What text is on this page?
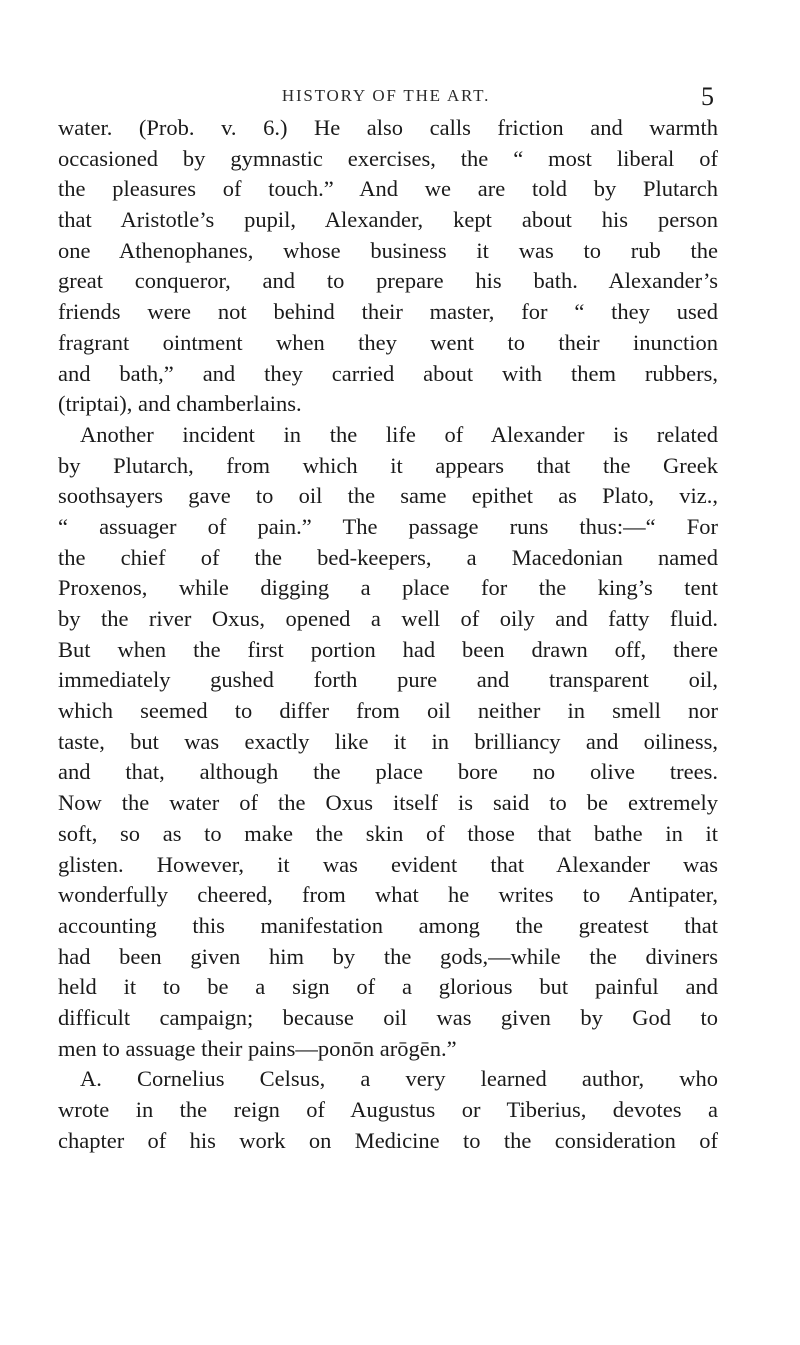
HISTORY OF THE ART.	5
water. (Prob. v. 6.) He also calls friction and warmth
occasioned by gymnastic exercises, the “ most liberal of
the pleasures of touch.” And we are told by Plutarch
that Aristotle’s pupil, Alexander, kept about his person
one Athenophanes, whose business it was to rub the
great conqueror, and to prepare his bath. Alexander’s
friends were not behind their master, for “ they used
fragrant ointment when they went to their inunction
and bath,” and they carried about with them rubbers,
(triptai), and chamberlains.
Another incident in the life of Alexander is related
by Plutarch, from which it appears that the Greek
soothsayers gave to oil the same epithet as Plato, viz.,
“ assuager of pain.” The passage runs thus:—“ For
the chief of the bed-keepers, a Macedonian named
Proxenos, while digging a place for the king’s tent
by the river Oxus, opened a well of oily and fatty fluid.
But when the first portion had been drawn off, there
immediately gushed forth pure and transparent oil,
which seemed to differ from oil neither in smell nor
taste, but was exactly like it in brilliancy and oiliness,
and that, although the place bore no olive trees.
Now the water of the Oxus itself is said to be extremely
soft, so as to make the skin of those that bathe in it
glisten. However, it was evident that Alexander was
wonderfully cheered, from what he writes to Antipater,
accounting this manifestation among the greatest that
had been given him by the gods,—while the diviners
held it to be a sign of a glorious but painful and
difficult campaign; because oil was given by God to
men to assuage their pains—ponōn arōgēn.”
A. Cornelius Celsus, a very learned author, who
wrote in the reign of Augustus or Tiberius, devotes a
chapter of his work on Medicine to the consideration of
